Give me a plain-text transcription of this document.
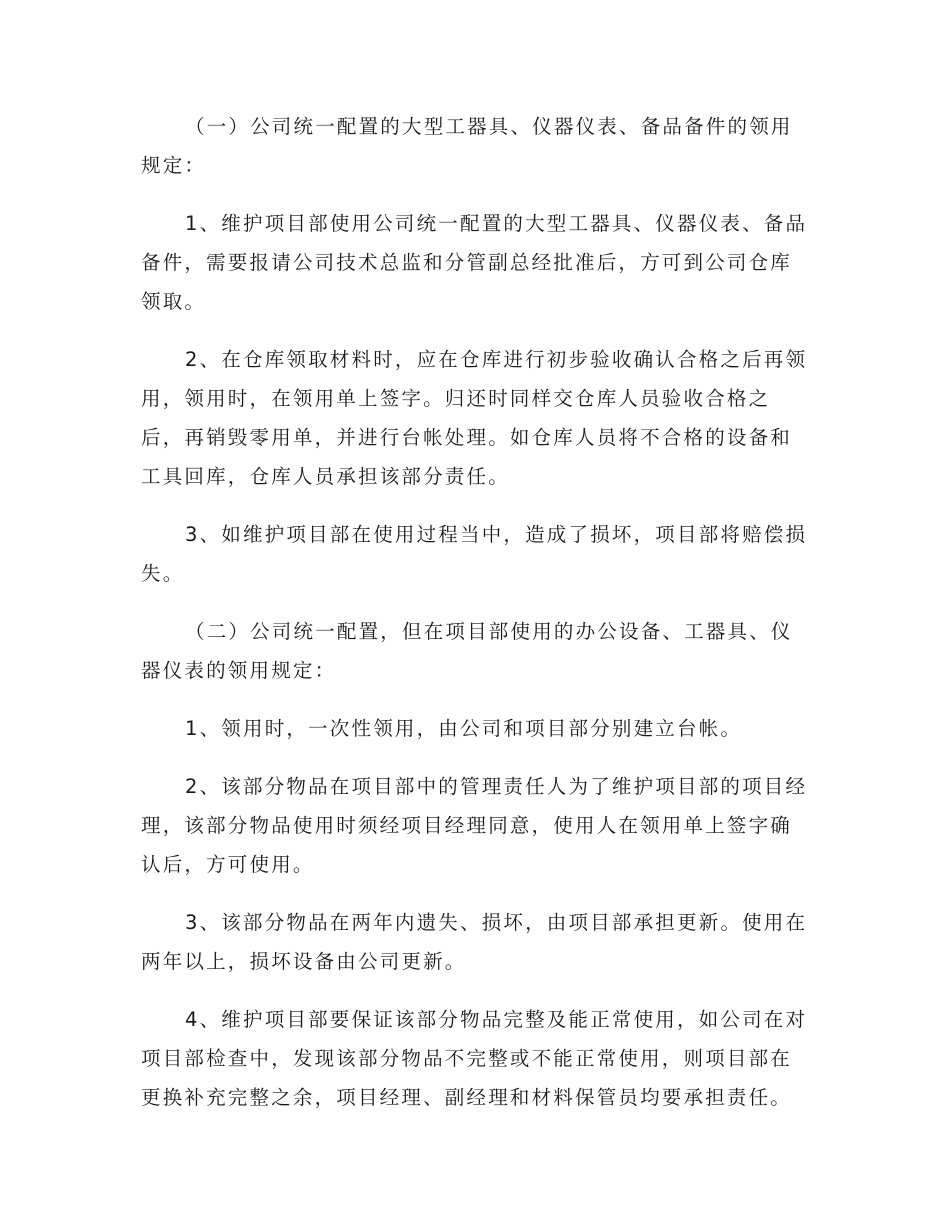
（一）公司统一配置的大型工器具、仪器仪表、备品备件的领用
规定：

1、维护项目部使用公司统一配置的大型工器具、仪器仪表、备品
备件，需要报请公司技术总监和分管副总经批准后，方可到公司仓库
领取。

2、在仓库领取材料时，应在仓库进行初步验收确认合格之后再领
用，领用时，在领用单上签字。归还时同样交仓库人员验收合格之
后，再销毁零用单，并进行台帐处理。如仓库人员将不合格的设备和
工具回库，仓库人员承担该部分责任。

3、如维护项目部在使用过程当中，造成了损坏，项目部将赔偿损
失。

（二）公司统一配置，但在项目部使用的办公设备、工器具、仪
器仪表的领用规定：

1、领用时，一次性领用，由公司和项目部分别建立台帐。

2、该部分物品在项目部中的管理责任人为了维护项目部的项目经
理，该部分物品使用时须经项目经理同意，使用人在领用单上签字确
认后，方可使用。

3、该部分物品在两年内遗失、损坏，由项目部承担更新。使用在
两年以上，损坏设备由公司更新。

4、维护项目部要保证该部分物品完整及能正常使用，如公司在对
项目部检查中，发现该部分物品不完整或不能正常使用，则项目部在
更换补充完整之余，项目经理、副经理和材料保管员均要承担责任。
